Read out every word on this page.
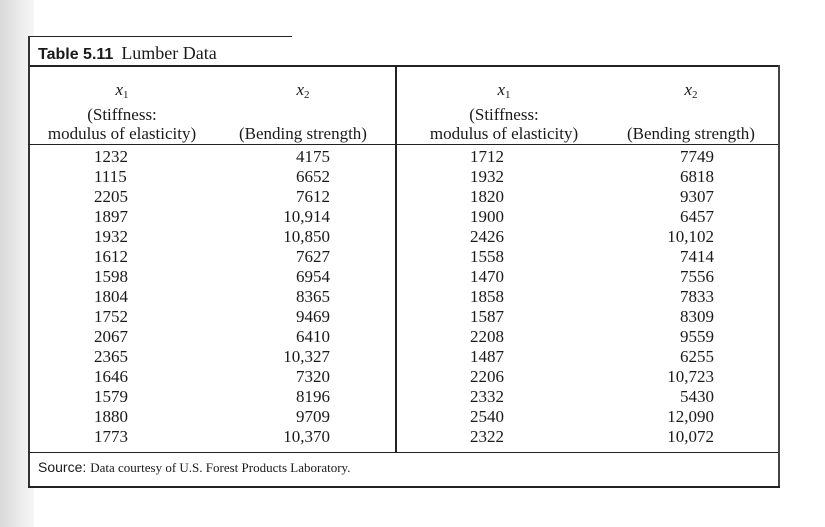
Table 5.11 Lumber Data
$x_1$
(Stiffness:
modulus of elasticity)
$x_2$

(Bending strength)
$x_1$
(Stiffness:
modulus of elasticity)
$x_2$

(Bending strength)
1232
1115
2205
1897
1932
1612
1598
1804
1752
2067
2365
1646
1579
1880
1773
4175
6652
7612
10,914
10,850
7627
6954
8365
9469
6410
10,327
7320
8196
9709
10,370
1712
1932
1820
1900
2426
1558
1470
1858
1587
2208
1487
2206
2332
2540
2322
7749
6818
9307
6457
10,102
7414
7556
7833
8309
9559
6255
10,723
5430
12,090
10,072
Source: Data courtesy of U.S. Forest Products Laboratory.
